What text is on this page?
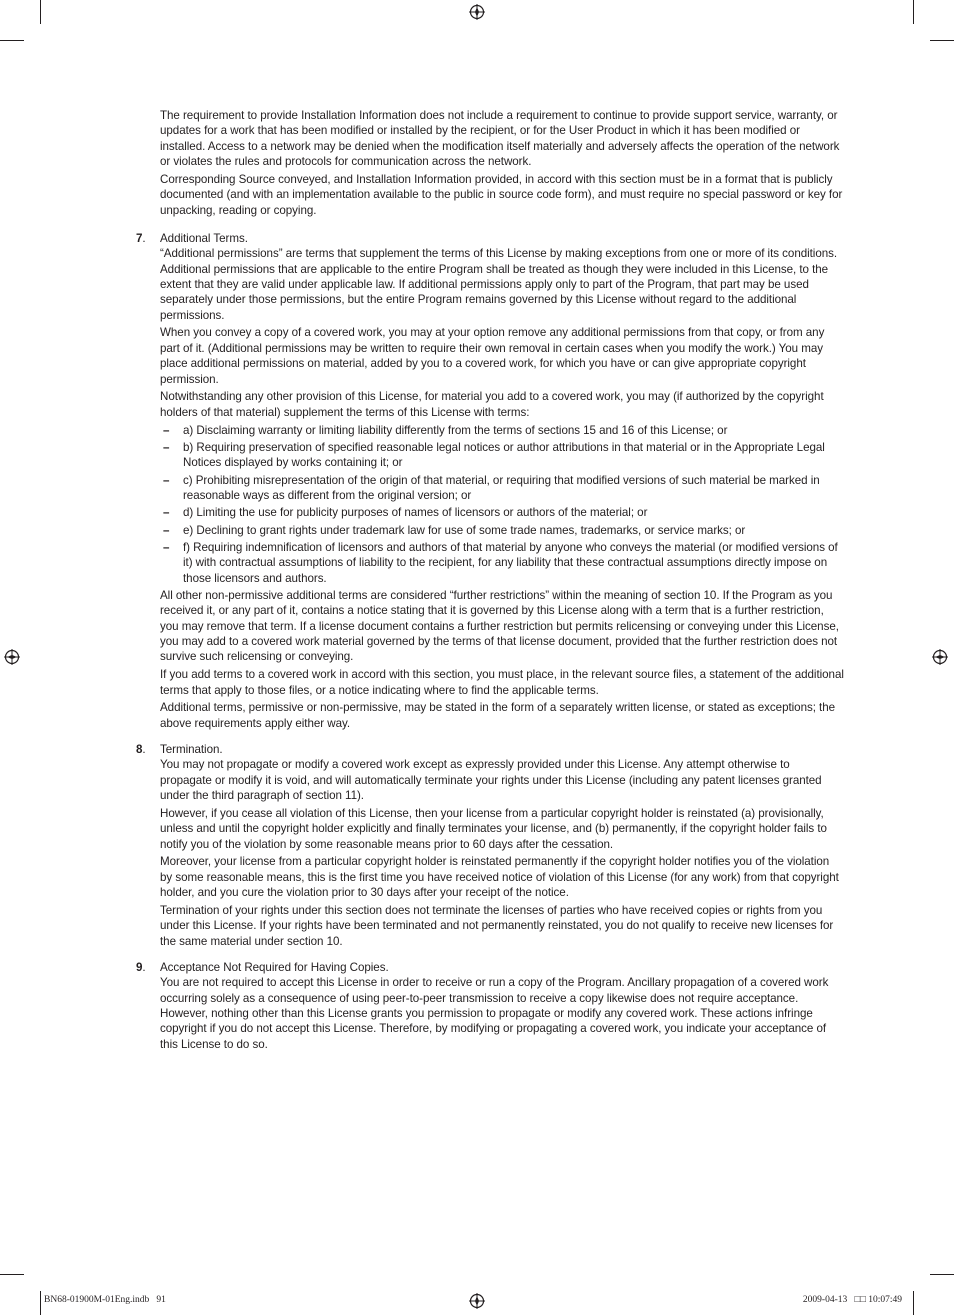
The requirement to provide Installation Information does not include a requirement to continue to provide support service, warranty, or updates for a work that has been modified or installed by the recipient, or for the User Product in which it has been modified or installed. Access to a network may be denied when the modification itself materially and adversely affects the operation of the network or violates the rules and protocols for communication across the network.

Corresponding Source conveyed, and Installation Information provided, in accord with this section must be in a format that is publicly documented (and with an implementation available to the public in source code form), and must require no special password or key for unpacking, reading or copying.

7. Additional Terms.

“Additional permissions” are terms that supplement the terms of this License by making exceptions from one or more of its conditions. Additional permissions that are applicable to the entire Program shall be treated as though they were included in this License, to the extent that they are valid under applicable law. If additional permissions apply only to part of the Program, that part may be used separately under those permissions, but the entire Program remains governed by this License without regard to the additional permissions.

When you convey a copy of a covered work, you may at your option remove any additional permissions from that copy, or from any part of it. (Additional permissions may be written to require their own removal in certain cases when you modify the work.) You may place additional permissions on material, added by you to a covered work, for which you have or can give appropriate copyright permission.

Notwithstanding any other provision of this License, for material you add to a covered work, you may (if authorized by the copyright holders of that material) supplement the terms of this License with terms:

– a) Disclaiming warranty or limiting liability differently from the terms of sections 15 and 16 of this License; or
– b) Requiring preservation of specified reasonable legal notices or author attributions in that material or in the Appropriate Legal Notices displayed by works containing it; or
– c) Prohibiting misrepresentation of the origin of that material, or requiring that modified versions of such material be marked in reasonable ways as different from the original version; or
– d) Limiting the use for publicity purposes of names of licensors or authors of the material; or
– e) Declining to grant rights under trademark law for use of some trade names, trademarks, or service marks; or
– f) Requiring indemnification of licensors and authors of that material by anyone who conveys the material (or modified versions of it) with contractual assumptions of liability to the recipient, for any liability that these contractual assumptions directly impose on those licensors and authors.

All other non-permissive additional terms are considered “further restrictions” within the meaning of section 10. If the Program as you received it, or any part of it, contains a notice stating that it is governed by this License along with a term that is a further restriction, you may remove that term. If a license document contains a further restriction but permits relicensing or conveying under this License, you may add to a covered work material governed by the terms of that license document, provided that the further restriction does not survive such relicensing or conveying.

If you add terms to a covered work in accord with this section, you must place, in the relevant source files, a statement of the additional terms that apply to those files, or a notice indicating where to find the applicable terms.

Additional terms, permissive or non-permissive, may be stated in the form of a separately written license, or stated as exceptions; the above requirements apply either way.

8. Termination.

You may not propagate or modify a covered work except as expressly provided under this License. Any attempt otherwise to propagate or modify it is void, and will automatically terminate your rights under this License (including any patent licenses granted under the third paragraph of section 11).

However, if you cease all violation of this License, then your license from a particular copyright holder is reinstated (a) provisionally, unless and until the copyright holder explicitly and finally terminates your license, and (b) permanently, if the copyright holder fails to notify you of the violation by some reasonable means prior to 60 days after the cessation.

Moreover, your license from a particular copyright holder is reinstated permanently if the copyright holder notifies you of the violation by some reasonable means, this is the first time you have received notice of violation of this License (for any work) from that copyright holder, and you cure the violation prior to 30 days after your receipt of the notice.

Termination of your rights under this section does not terminate the licenses of parties who have received copies or rights from you under this License. If your rights have been terminated and not permanently reinstated, you do not qualify to receive new licenses for the same material under section 10.

9. Acceptance Not Required for Having Copies.

You are not required to accept this License in order to receive or run a copy of the Program. Ancillary propagation of a covered work occurring solely as a consequence of using peer-to-peer transmission to receive a copy likewise does not require acceptance. However, nothing other than this License grants you permission to propagate or modify any covered work. These actions infringe copyright if you do not accept this License. Therefore, by modifying or propagating a covered work, you indicate your acceptance of this License to do so.

BN68-01900M-01Eng.indb   91	2009-04-13   □□ 10:07:49
